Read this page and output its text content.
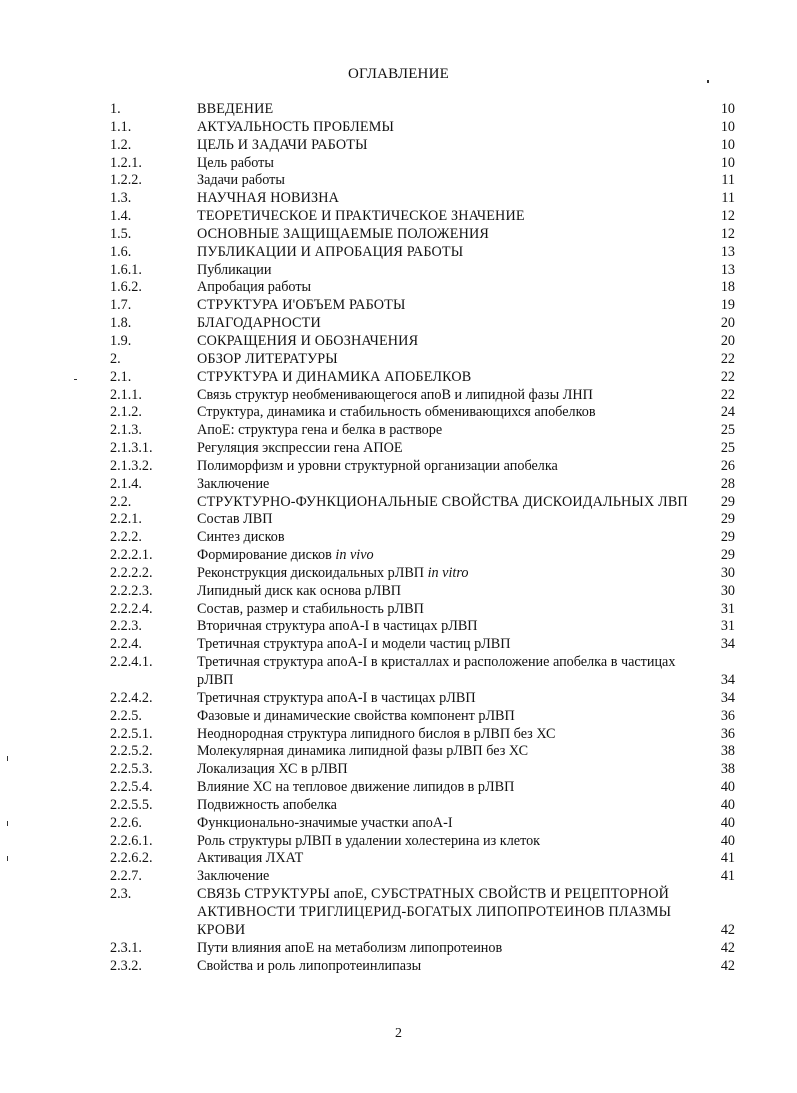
ОГЛАВЛЕНИЕ
1.	ВВЕДЕНИЕ	10
1.1.	АКТУАЛЬНОСТЬ ПРОБЛЕМЫ	10
1.2.	ЦЕЛЬ И ЗАДАЧИ РАБОТЫ	10
1.2.1.	Цель работы	10
1.2.2.	Задачи работы	11
1.3.	НАУЧНАЯ НОВИЗНА	11
1.4.	ТЕОРЕТИЧЕСКОЕ И ПРАКТИЧЕСКОЕ ЗНАЧЕНИЕ	12
1.5.	ОСНОВНЫЕ ЗАЩИЩАЕМЫЕ ПОЛОЖЕНИЯ	12
1.6.	ПУБЛИКАЦИИ И АПРОБАЦИЯ РАБОТЫ	13
1.6.1.	Публикации	13
1.6.2.	Апробация работы	18
1.7.	СТРУКТУРА И'ОБЪЕМ РАБОТЫ	19
1.8.	БЛАГОДАРНОСТИ	20
1.9.	СОКРАЩЕНИЯ И ОБОЗНАЧЕНИЯ	20
2.	ОБЗОР ЛИТЕРАТУРЫ	22
2.1.	СТРУКТУРА И ДИНАМИКА АПОБЕЛКОВ	22
2.1.1.	Связь структур необменивающегося апоВ и липидной фазы ЛНП	22
2.1.2.	Структура, динамика и стабильность обменивающихся апобелков	24
2.1.3.	АпоЕ: структура гена и белка в растворе	25
2.1.3.1.	Регуляция экспрессии гена АПОЕ	25
2.1.3.2.	Полиморфизм и уровни структурной организации апобелка	26
2.1.4.	Заключение	28
2.2.	СТРУКТУРНО-ФУНКЦИОНАЛЬНЫЕ СВОЙСТВА ДИСКОИДАЛЬНЫХ ЛВП 29
2.2.1.	Состав ЛВП	29
2.2.2.	Синтез дисков	29
2.2.2.1.	Формирование дисков in vivo	29
2.2.2.2.	Реконструкция дискоидальных рЛВП in vitro	30
2.2.2.3.	Липидный диск как основа рЛВП	30
2.2.2.4.	Состав, размер и стабильность рЛВП	31
2.2.3.	Вторичная структура апоА-I в частицах рЛВП	31
2.2.4.	Третичная структура апоА-I и модели частиц рЛВП	34
2.2.4.1.	Третичная структура апоА-I в кристаллах и расположение апобелка в частицах рЛВП	34
2.2.4.2.	Третичная структура апоА-I в частицах рЛВП	34
2.2.5.	Фазовые и динамические свойства компонент рЛВП	36
2.2.5.1.	Неоднородная структура липидного бислоя в рЛВП без ХС	36
2.2.5.2.	Молекулярная динамика липидной фазы рЛВП без ХС	38
2.2.5.3.	Локализация ХС в рЛВП	38
2.2.5.4.	Влияние ХС на тепловое движение липидов в рЛВП	40
2.2.5.5.	Подвижность апобелка	40
2.2.6.	Функционально-значимые участки апоА-I	40
2.2.6.1.	Роль структуры рЛВП в удалении холестерина из клеток	40
2.2.6.2.	Активация ЛХАТ	41
2.2.7.	Заключение	41
2.3.	СВЯЗЬ СТРУКТУРЫ апоЕ, СУБСТРАТНЫХ СВОЙСТВ И РЕЦЕПТОРНОЙ АКТИВНОСТИ ТРИГЛИЦЕРИД-БОГАТЫХ ЛИПОПРОТЕИНОВ ПЛАЗМЫ КРОВИ	42
2.3.1.	Пути влияния апоЕ на метаболизм липопротеинов	42
2.3.2.	Свойства и роль липопротеинлипазы	42
2
